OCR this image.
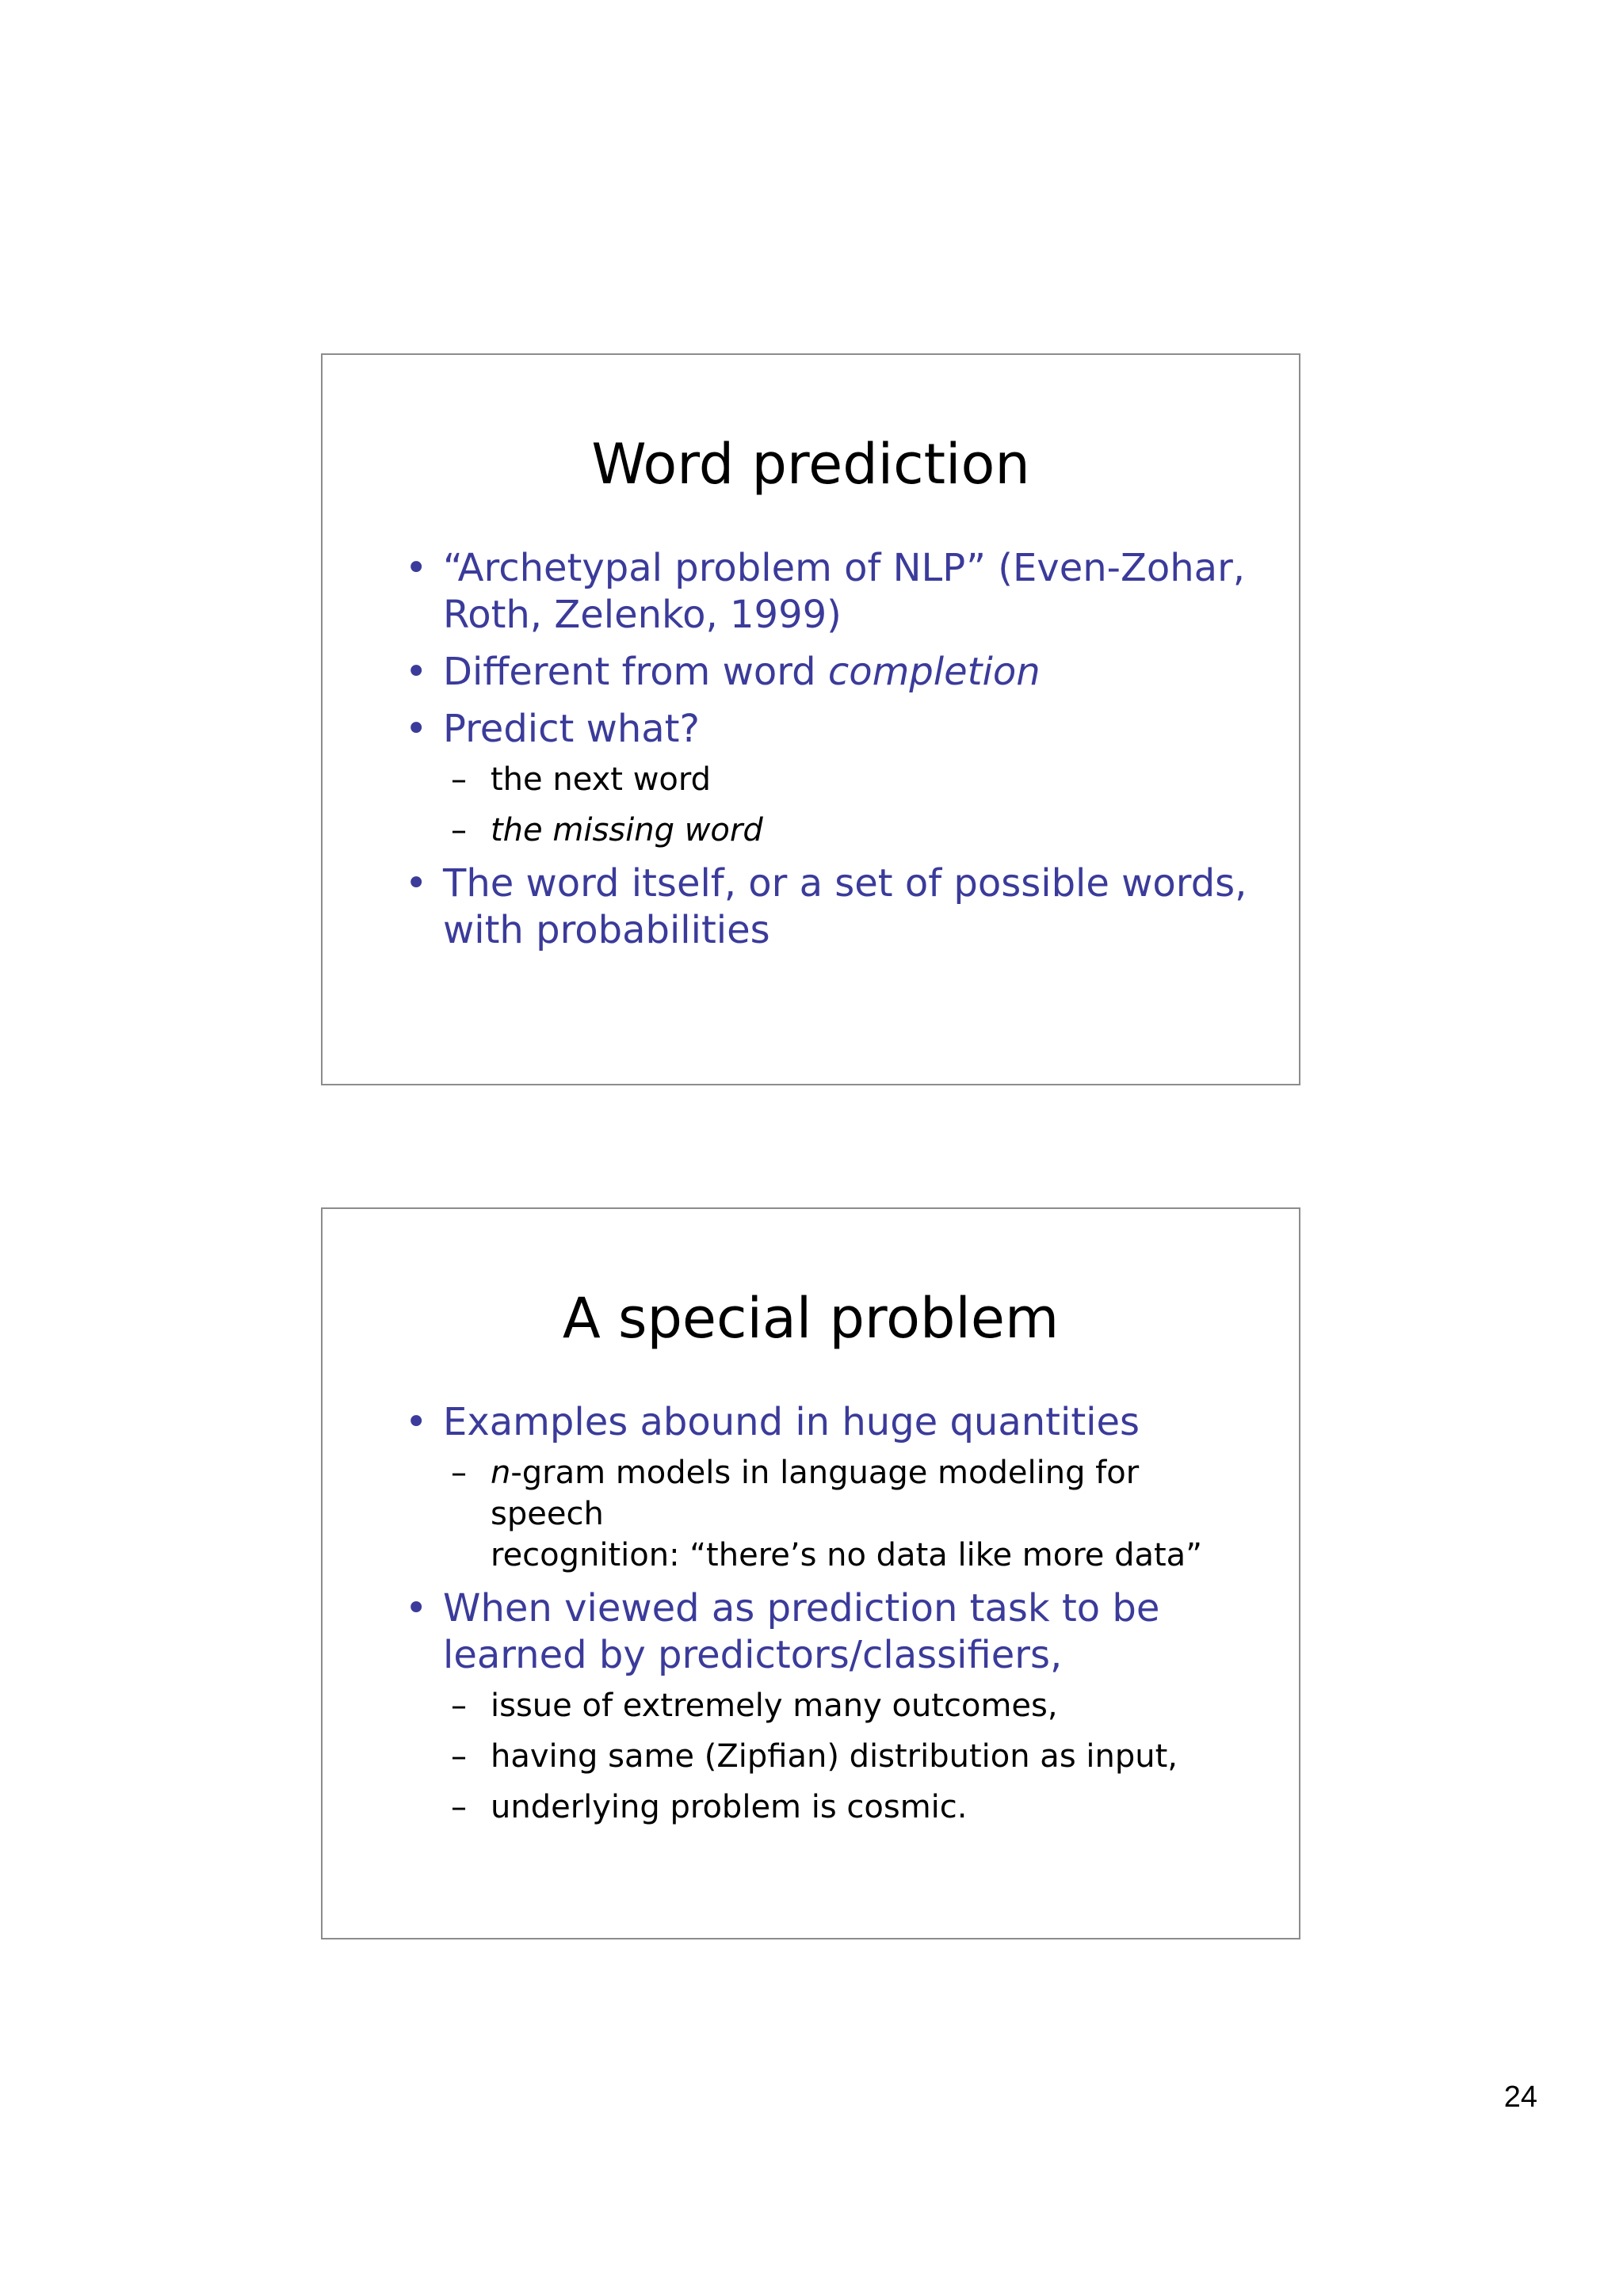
Word prediction
• “Archetypal problem of NLP” (Even-Zohar,
Roth, Zelenko, 1999)
• Different from word completion
• Predict what?
– the next word
– the missing word
• The word itself, or a set of possible words,
with probabilities
A special problem
• Examples abound in huge quantities
– n-gram models in language modeling for speech
recognition: “there’s no data like more data”
• When viewed as prediction task to be
learned by predictors/classifiers,
– issue of extremely many outcomes,
– having same (Zipfian) distribution as input,
– underlying problem is cosmic.
24
